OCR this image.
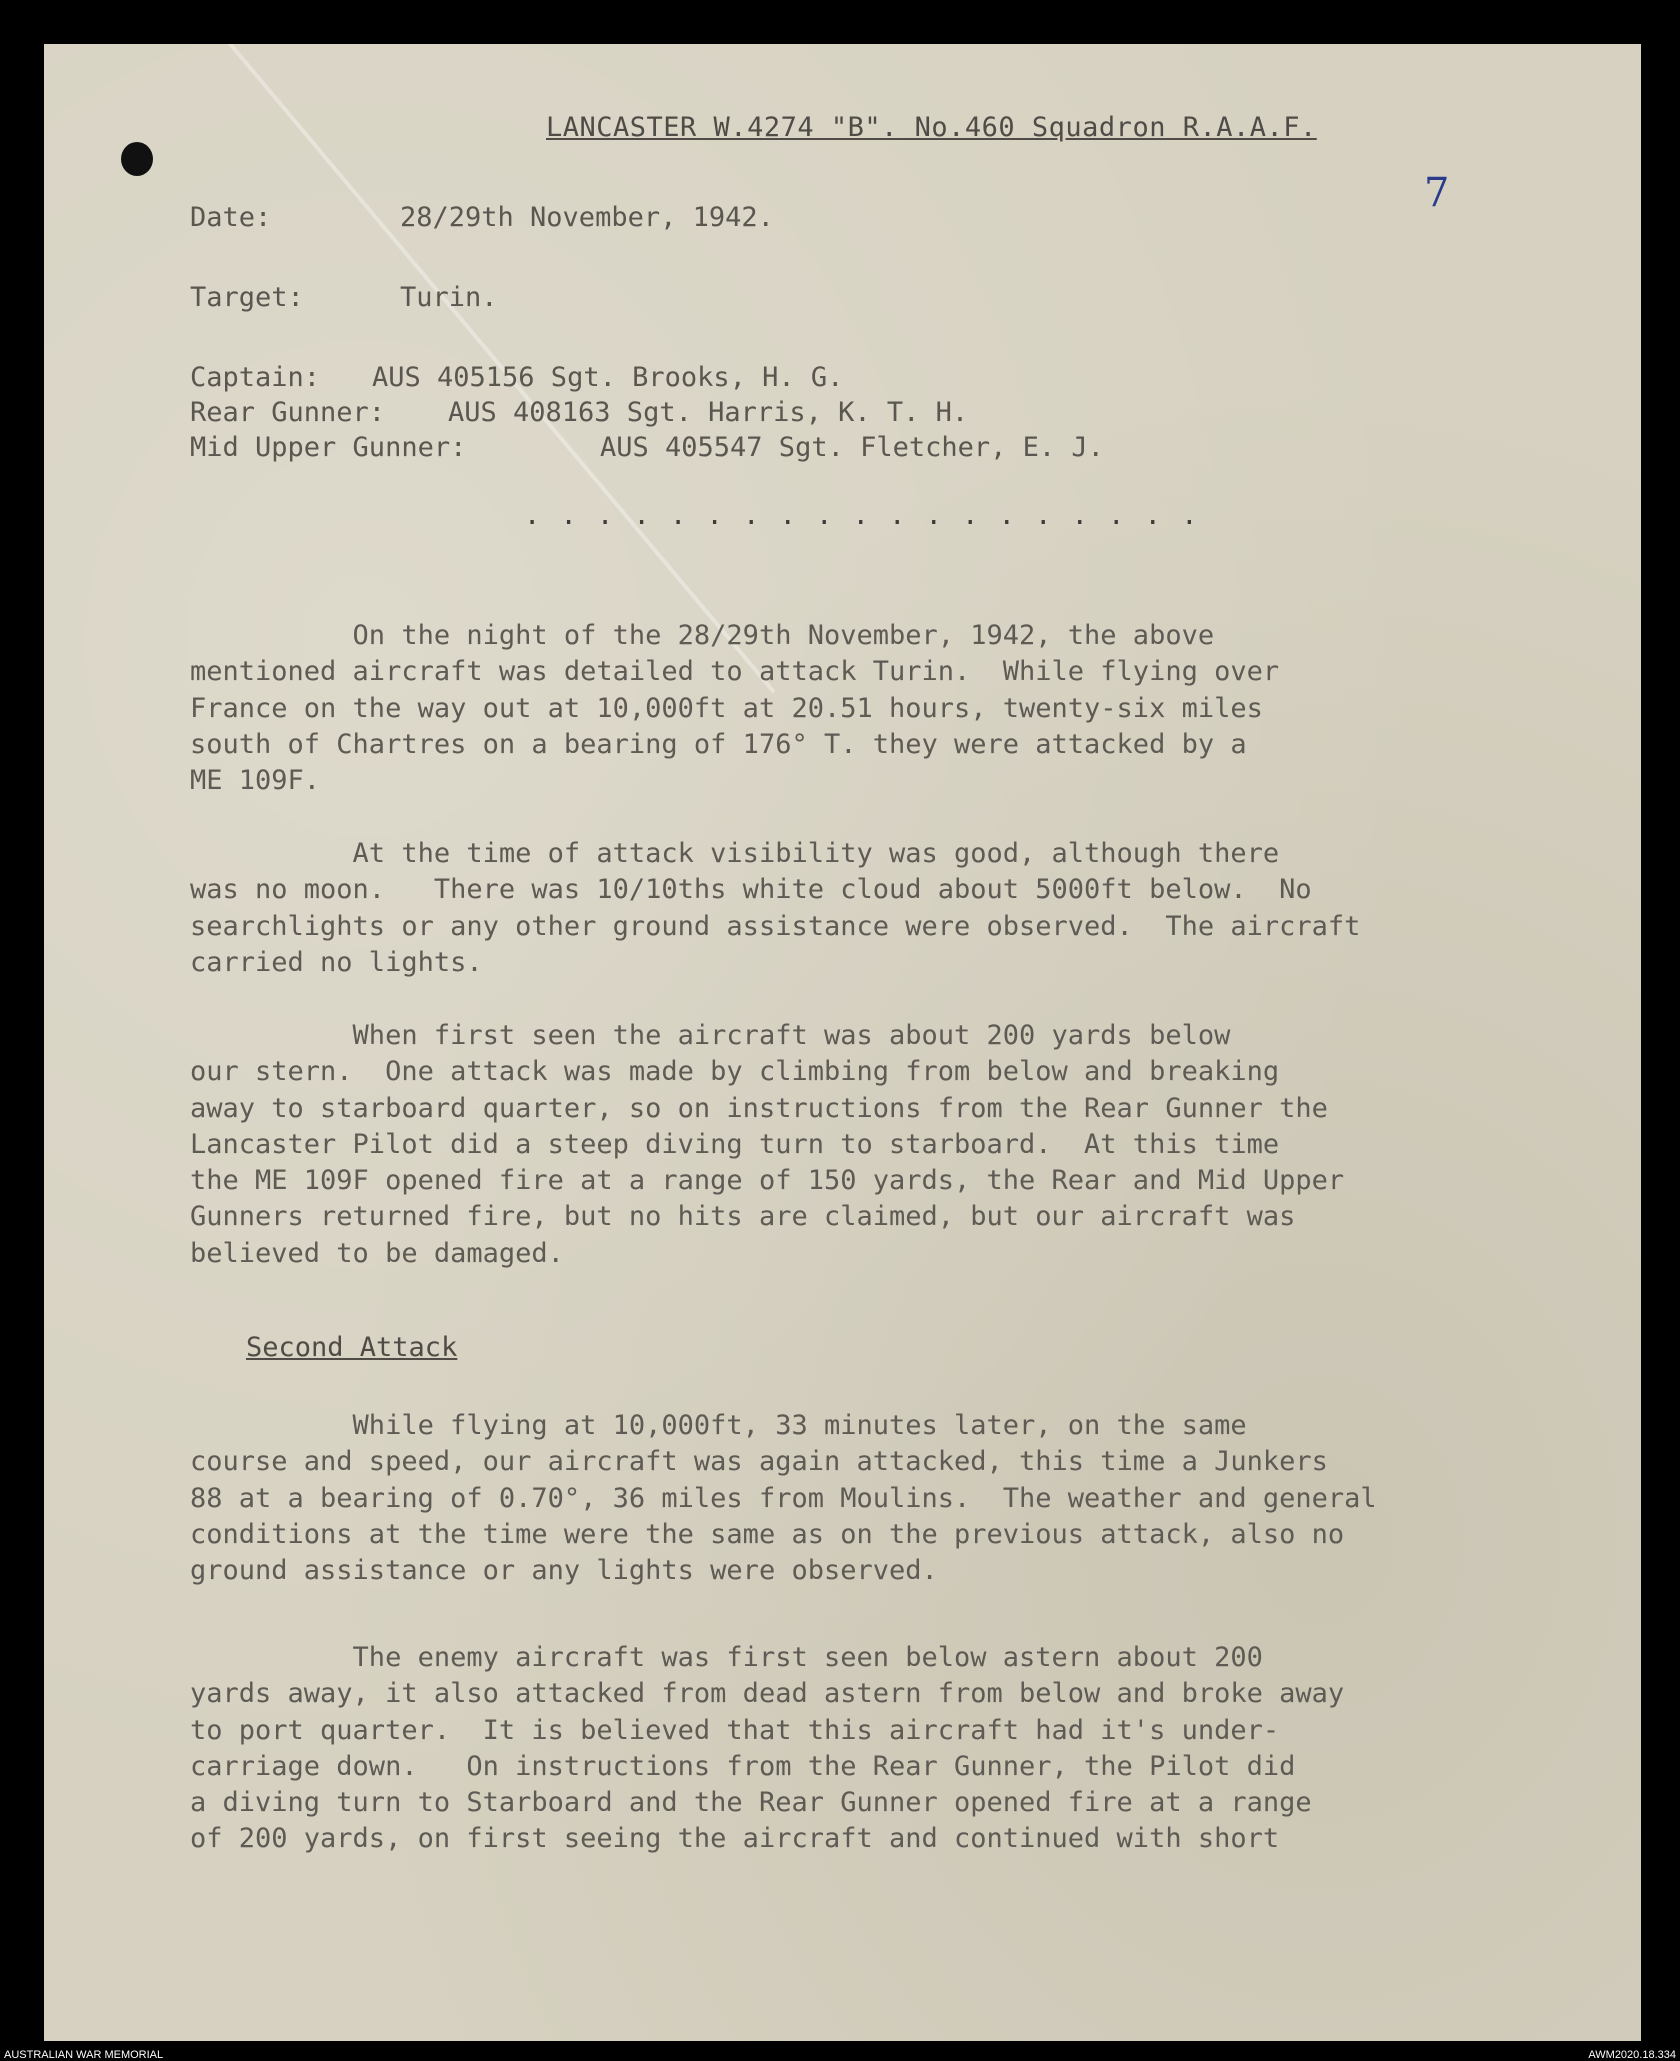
LANCASTER W.4274 "B". No.460 Squadron R.A.A.F.
7
Date:	28/29th November, 1942.
Target:	Turin.
Captain: AUS 405156 Sgt. Brooks, H. G.
Rear Gunner: AUS 408163 Sgt. Harris, K. T. H.
Mid Upper Gunner:	AUS 405547 Sgt. Fletcher, E. J.
. . . . . . . . . . . . . . . . . . .

On the night of the 28/29th November, 1942, the above
mentioned aircraft was detailed to attack Turin.  While flying over
France on the way out at 10,000ft at 20.51 hours, twenty-six miles
south of Chartres on a bearing of 176° T. they were attacked by a
ME 109F.

At the time of attack visibility was good, although there
was no moon.   There was 10/10ths white cloud about 5000ft below.  No
searchlights or any other ground assistance were observed.  The aircraft
carried no lights.

When first seen the aircraft was about 200 yards below
our stern.  One attack was made by climbing from below and breaking
away to starboard quarter, so on instructions from the Rear Gunner the
Lancaster Pilot did a steep diving turn to starboard.  At this time
the ME 109F opened fire at a range of 150 yards, the Rear and Mid Upper
Gunners returned fire, but no hits are claimed, but our aircraft was
believed to be damaged.

Second Attack

While flying at 10,000ft, 33 minutes later, on the same
course and speed, our aircraft was again attacked, this time a Junkers
88 at a bearing of 0.70°, 36 miles from Moulins.  The weather and general
conditions at the time were the same as on the previous attack, also no
ground assistance or any lights were observed.

The enemy aircraft was first seen below astern about 200
yards away, it also attacked from dead astern from below and broke away
to port quarter.  It is believed that this aircraft had it's under-
carriage down.   On instructions from the Rear Gunner, the Pilot did
a diving turn to Starboard and the Rear Gunner opened fire at a range
of 200 yards, on first seeing the aircraft and continued with short

AUSTRALIAN WAR MEMORIAL	AWM2020.18.334
